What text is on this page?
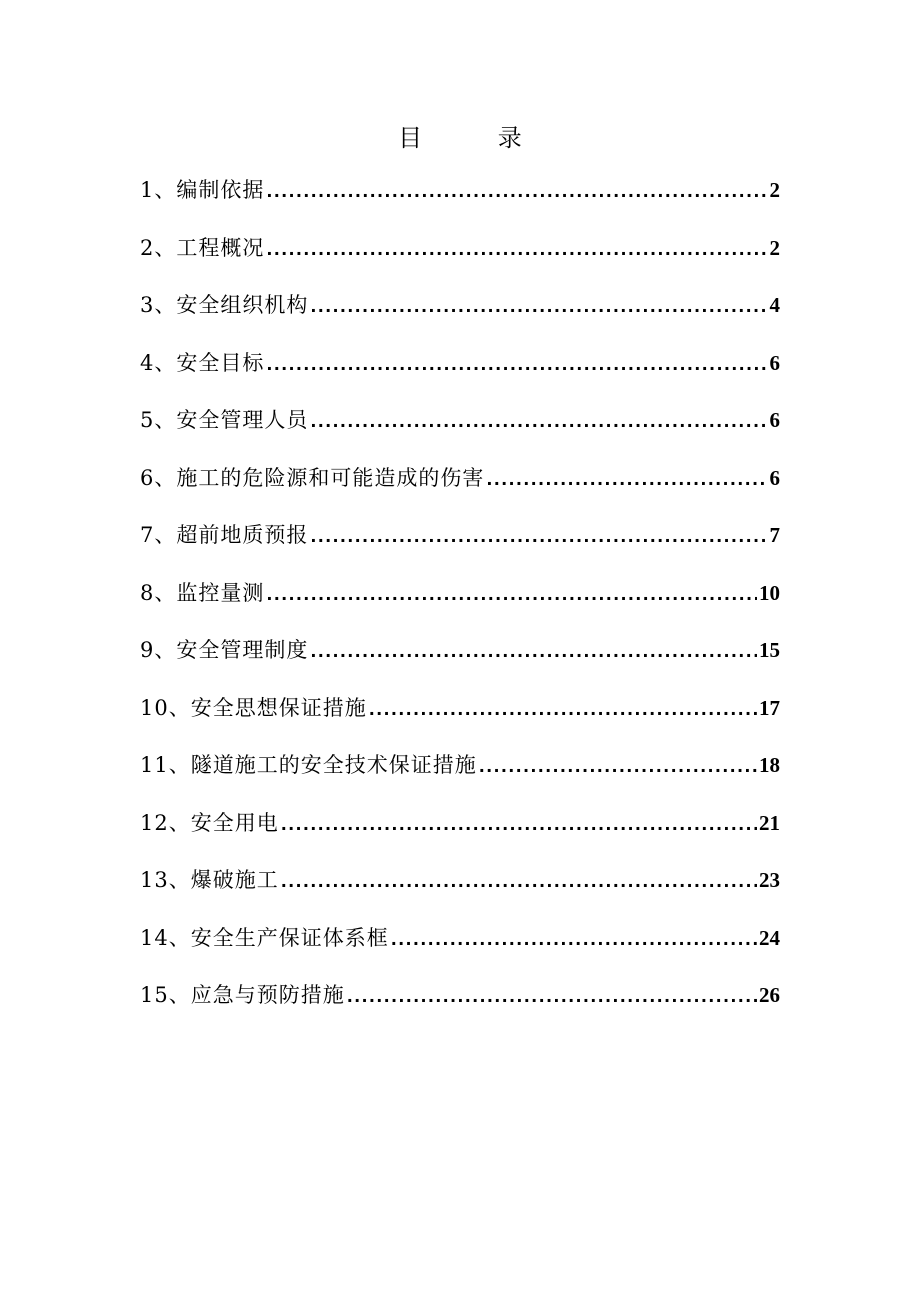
目 录
1、编制依据 .....	2
2、工程概况 .....	2
3、安全组织机构 .....	4
4、安全目标 .....	6
5、安全管理人员 .....	6
6、施工的危险源和可能造成的伤害 .....	6
7、超前地质预报 .....	7
8、监控量测 .....	10
9、安全管理制度 .....	15
10、安全思想保证措施 .....	17
11、隧道施工的安全技术保证措施 .....	18
12、安全用电 .....	21
13、爆破施工 .....	23
14、安全生产保证体系框 .....	24
15、应急与预防措施 .....	26
